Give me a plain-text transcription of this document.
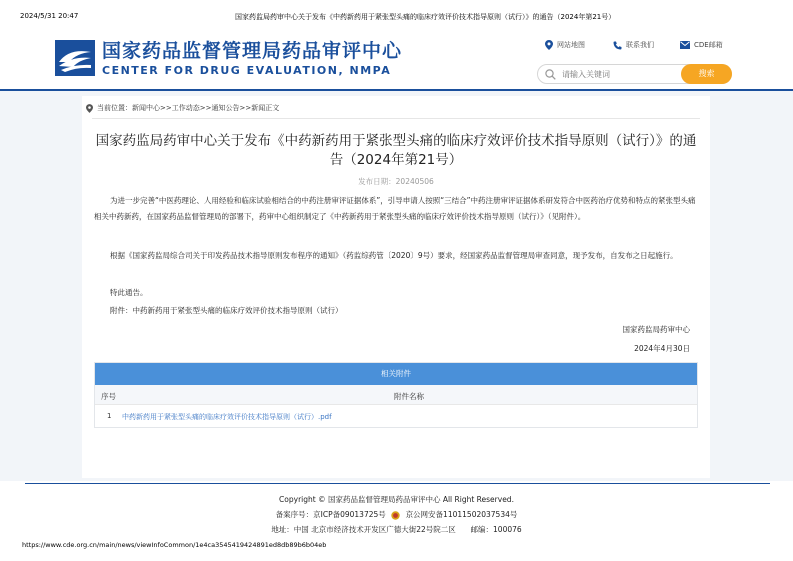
2024/5/31 20:47	国家药监局药审中心关于发布《中药新药用于紧张型头痛的临床疗效评价技术指导原则（试行）》的通告（2024年第21号）
国家药品监督管理局药品审评中心
CENTER FOR DRUG EVALUATION, NMPA
网站地图	联系我们	CDE邮箱
请输入关键词
搜索
当前位置： 新闻中心>>工作动态>>通知公告>>新闻正文
国家药监局药审中心关于发布《中药新药用于紧张型头痛的临床疗效评价技术指导原则（试行）》的通告（2024年第21号）
发布日期：20240506
为进一步完善“中医药理论、人用经验和临床试验相结合的中药注册审评证据体系”，引导申请人按照“三结合”中药注册审评证据体系研发符合中医药治疗优势和特点的紧张型头痛相关中药新药，在国家药品监督管理局的部署下，药审中心组织制定了《中药新药用于紧张型头痛的临床疗效评价技术指导原则（试行）》（见附件）。
根据《国家药监局综合司关于印发药品技术指导原则发布程序的通知》（药监综药管〔2020〕9号）要求，经国家药品监督管理局审查同意，现予发布，自发布之日起施行。
特此通告。
附件：中药新药用于紧张型头痛的临床疗效评价技术指导原则（试行）
国家药监局药审中心
2024年4月30日
相关附件
序号	附件名称
1 中药新药用于紧张型头痛的临床疗效评价技术指导原则（试行）.pdf
Copyright © 国家药品监督管理局药品审评中心 All Right Reserved.
备案序号：京ICP备09013725号	京公网安备11011502037534号
地址：中国 北京市经济技术开发区广德大街22号院二区 邮编：100076
https://www.cde.org.cn/main/news/viewInfoCommon/1e4ca3545419424891ed8db89b6b04eb
